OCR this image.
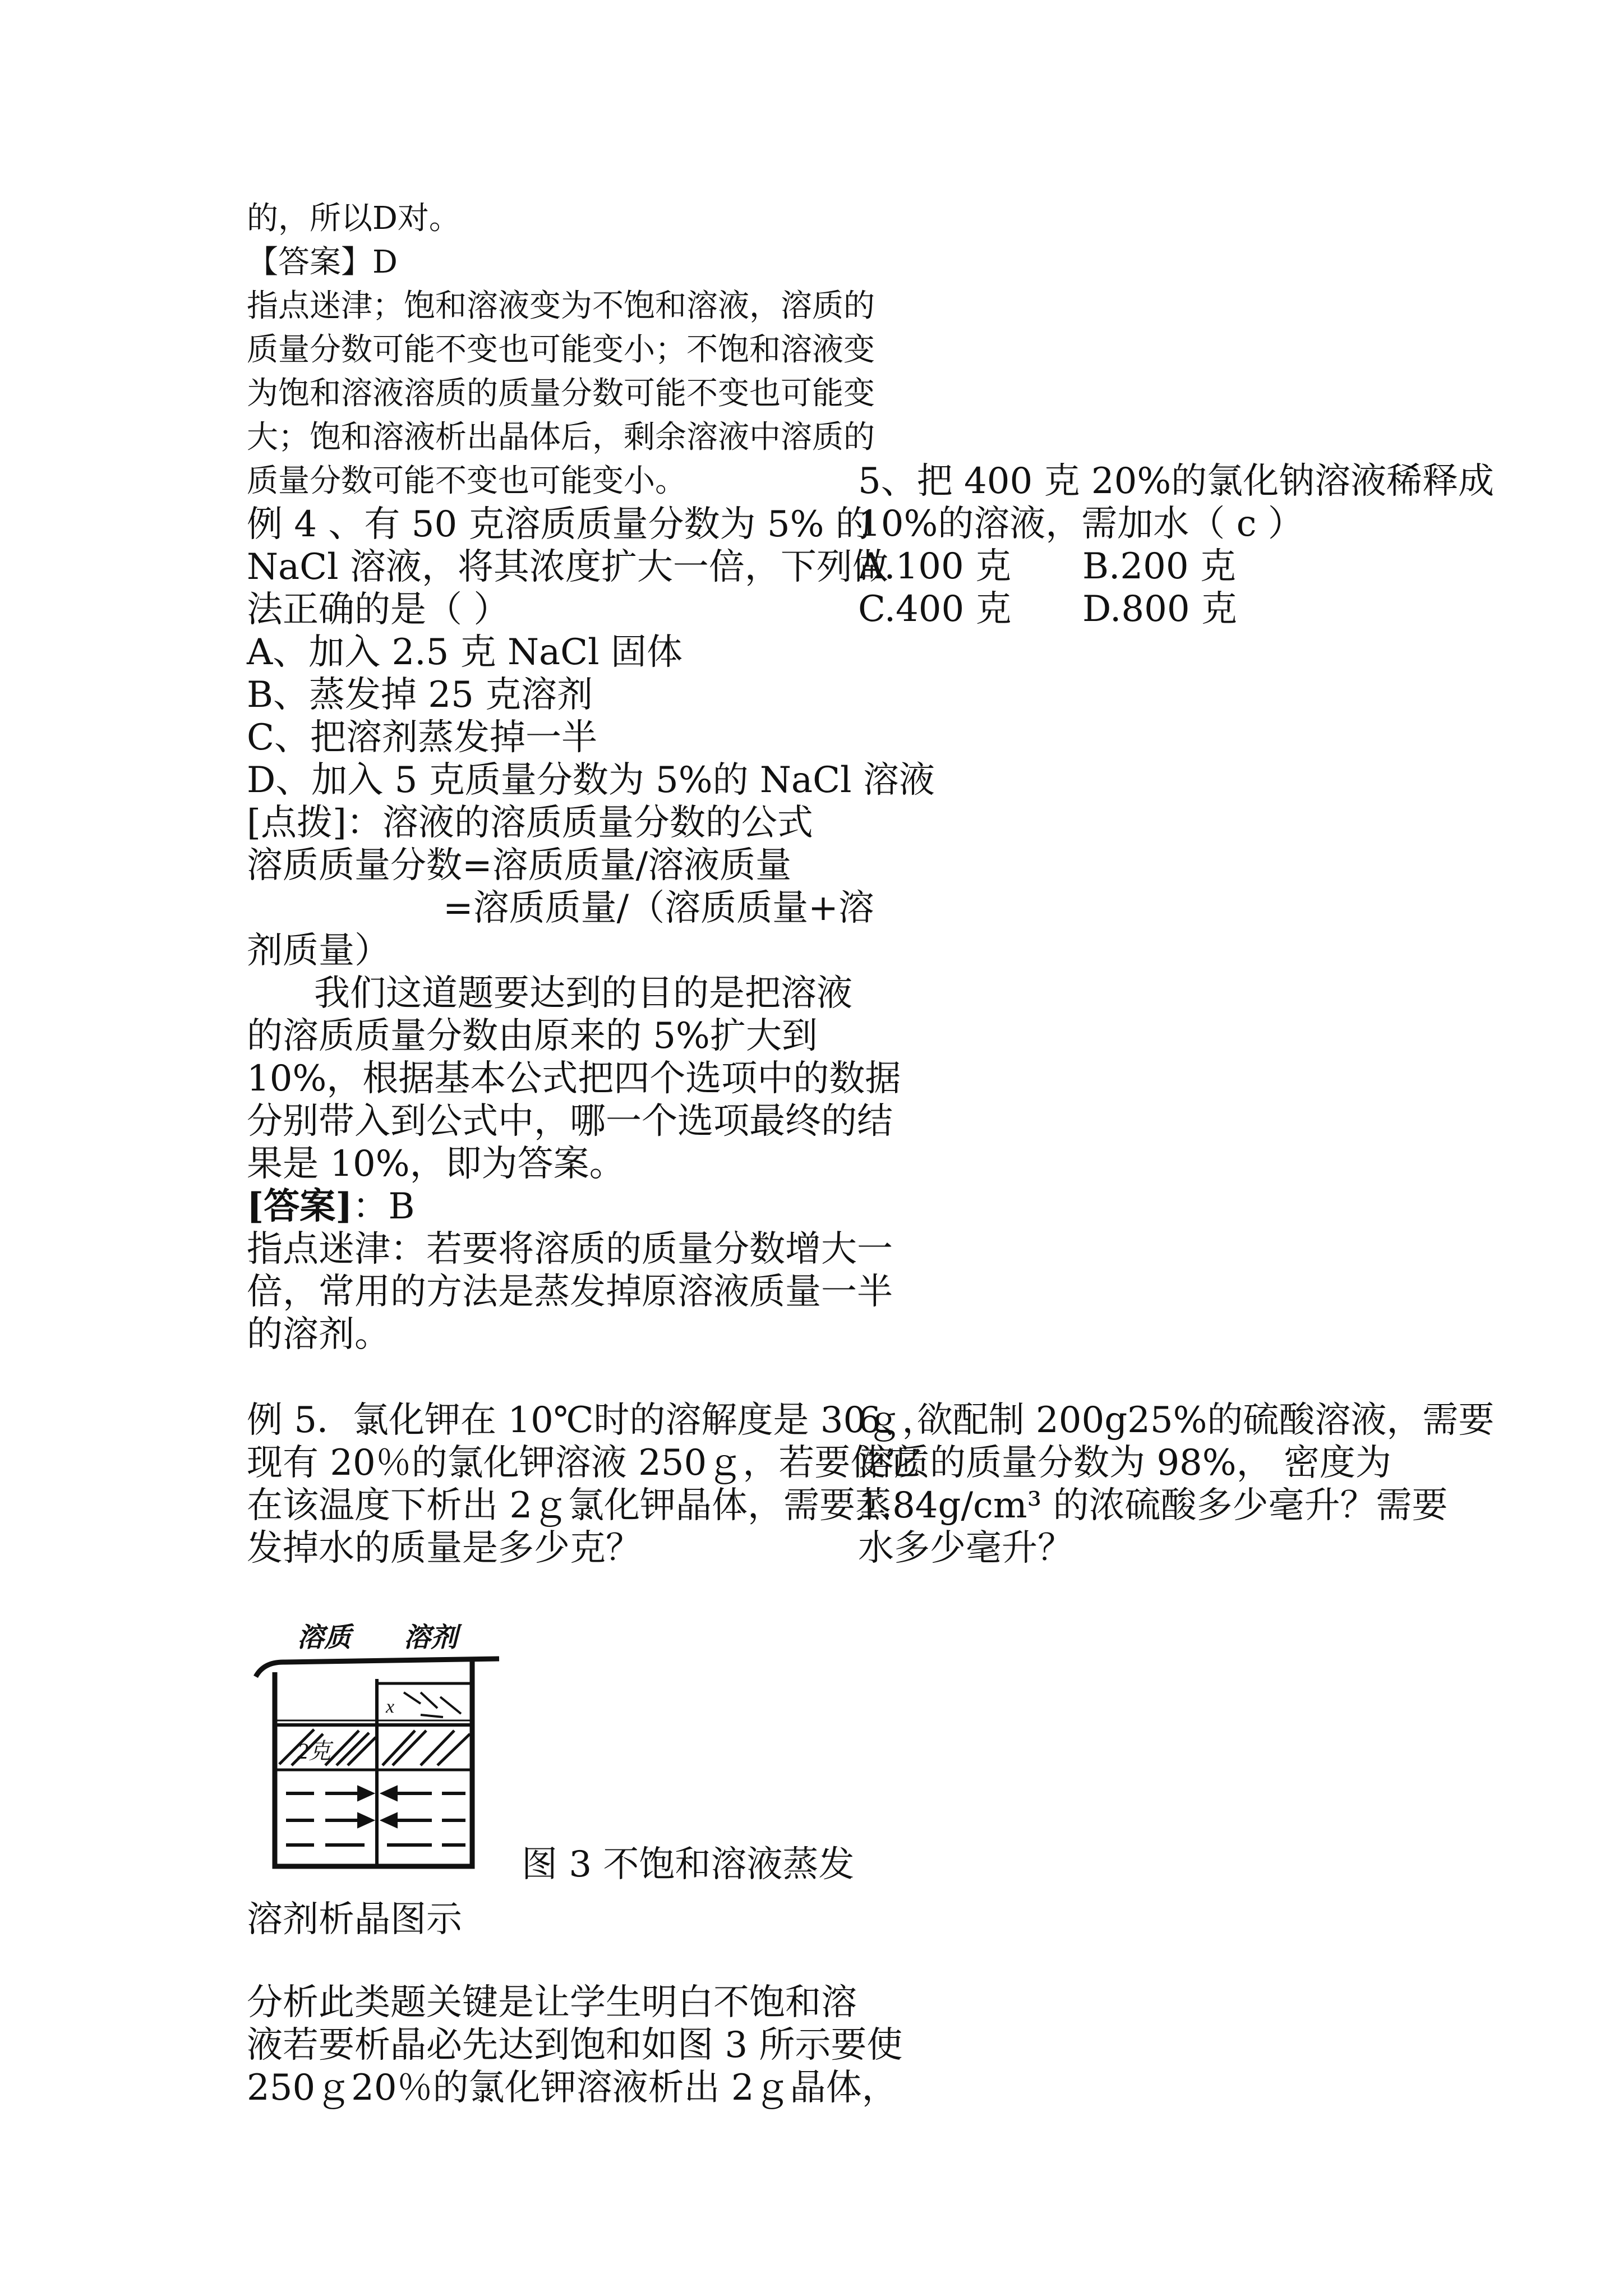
的，所以D对。
【答案】D
指点迷津；饱和溶液变为不饱和溶液，溶质的
质量分数可能不变也可能变小；不饱和溶液变
为饱和溶液溶质的质量分数可能不变也可能变
大；饱和溶液析出晶体后，剩余溶液中溶质的
质量分数可能不变也可能变小。
例 4 、有 50 克溶质质量分数为 5% 的
NaCl 溶液，将其浓度扩大一倍，下列做
法正确的是（ ）
A、加入 2.5 克 NaCl 固体
B、蒸发掉 25 克溶剂
C、把溶剂蒸发掉一半
D、加入 5 克质量分数为 5%的 NaCl 溶液
[点拨]：溶液的溶质质量分数的公式
溶质质量分数=溶质质量/溶液质量
=溶质质量/（溶质质量+溶
剂质量）
我们这道题要达到的目的是把溶液
的溶质质量分数由原来的 5%扩大到
10%，根据基本公式把四个选项中的数据
分别带入到公式中，哪一个选项最终的结
果是 10%，即为答案。
[答案]：B
指点迷津：若要将溶质的质量分数增大一
倍，常用的方法是蒸发掉原溶液质量一半
的溶剂。
例 5．氯化钾在 10℃时的溶解度是 30ｇ，
现有 20％的氯化钾溶液 250ｇ，若要使它
在该温度下析出 2ｇ氯化钾晶体，需要蒸
发掉水的质量是多少克？
溶质 溶剂
x
2克
图 3 不饱和溶液蒸发
溶剂析晶图示
分析此类题关键是让学生明白不饱和溶
液若要析晶必先达到饱和如图 3 所示要使
250ｇ20％的氯化钾溶液析出 2ｇ晶体，
5、把 400 克 20%的氯化钠溶液稀释成
10%的溶液，需加水（ c ）
A.100 克 B.200 克
C.400 克 D.800 克
6、欲配制 200g25%的硫酸溶液，需要
溶质的质量分数为 98%， 密度为
1.84g/cm³ 的浓硫酸多少毫升？需要
水多少毫升？
